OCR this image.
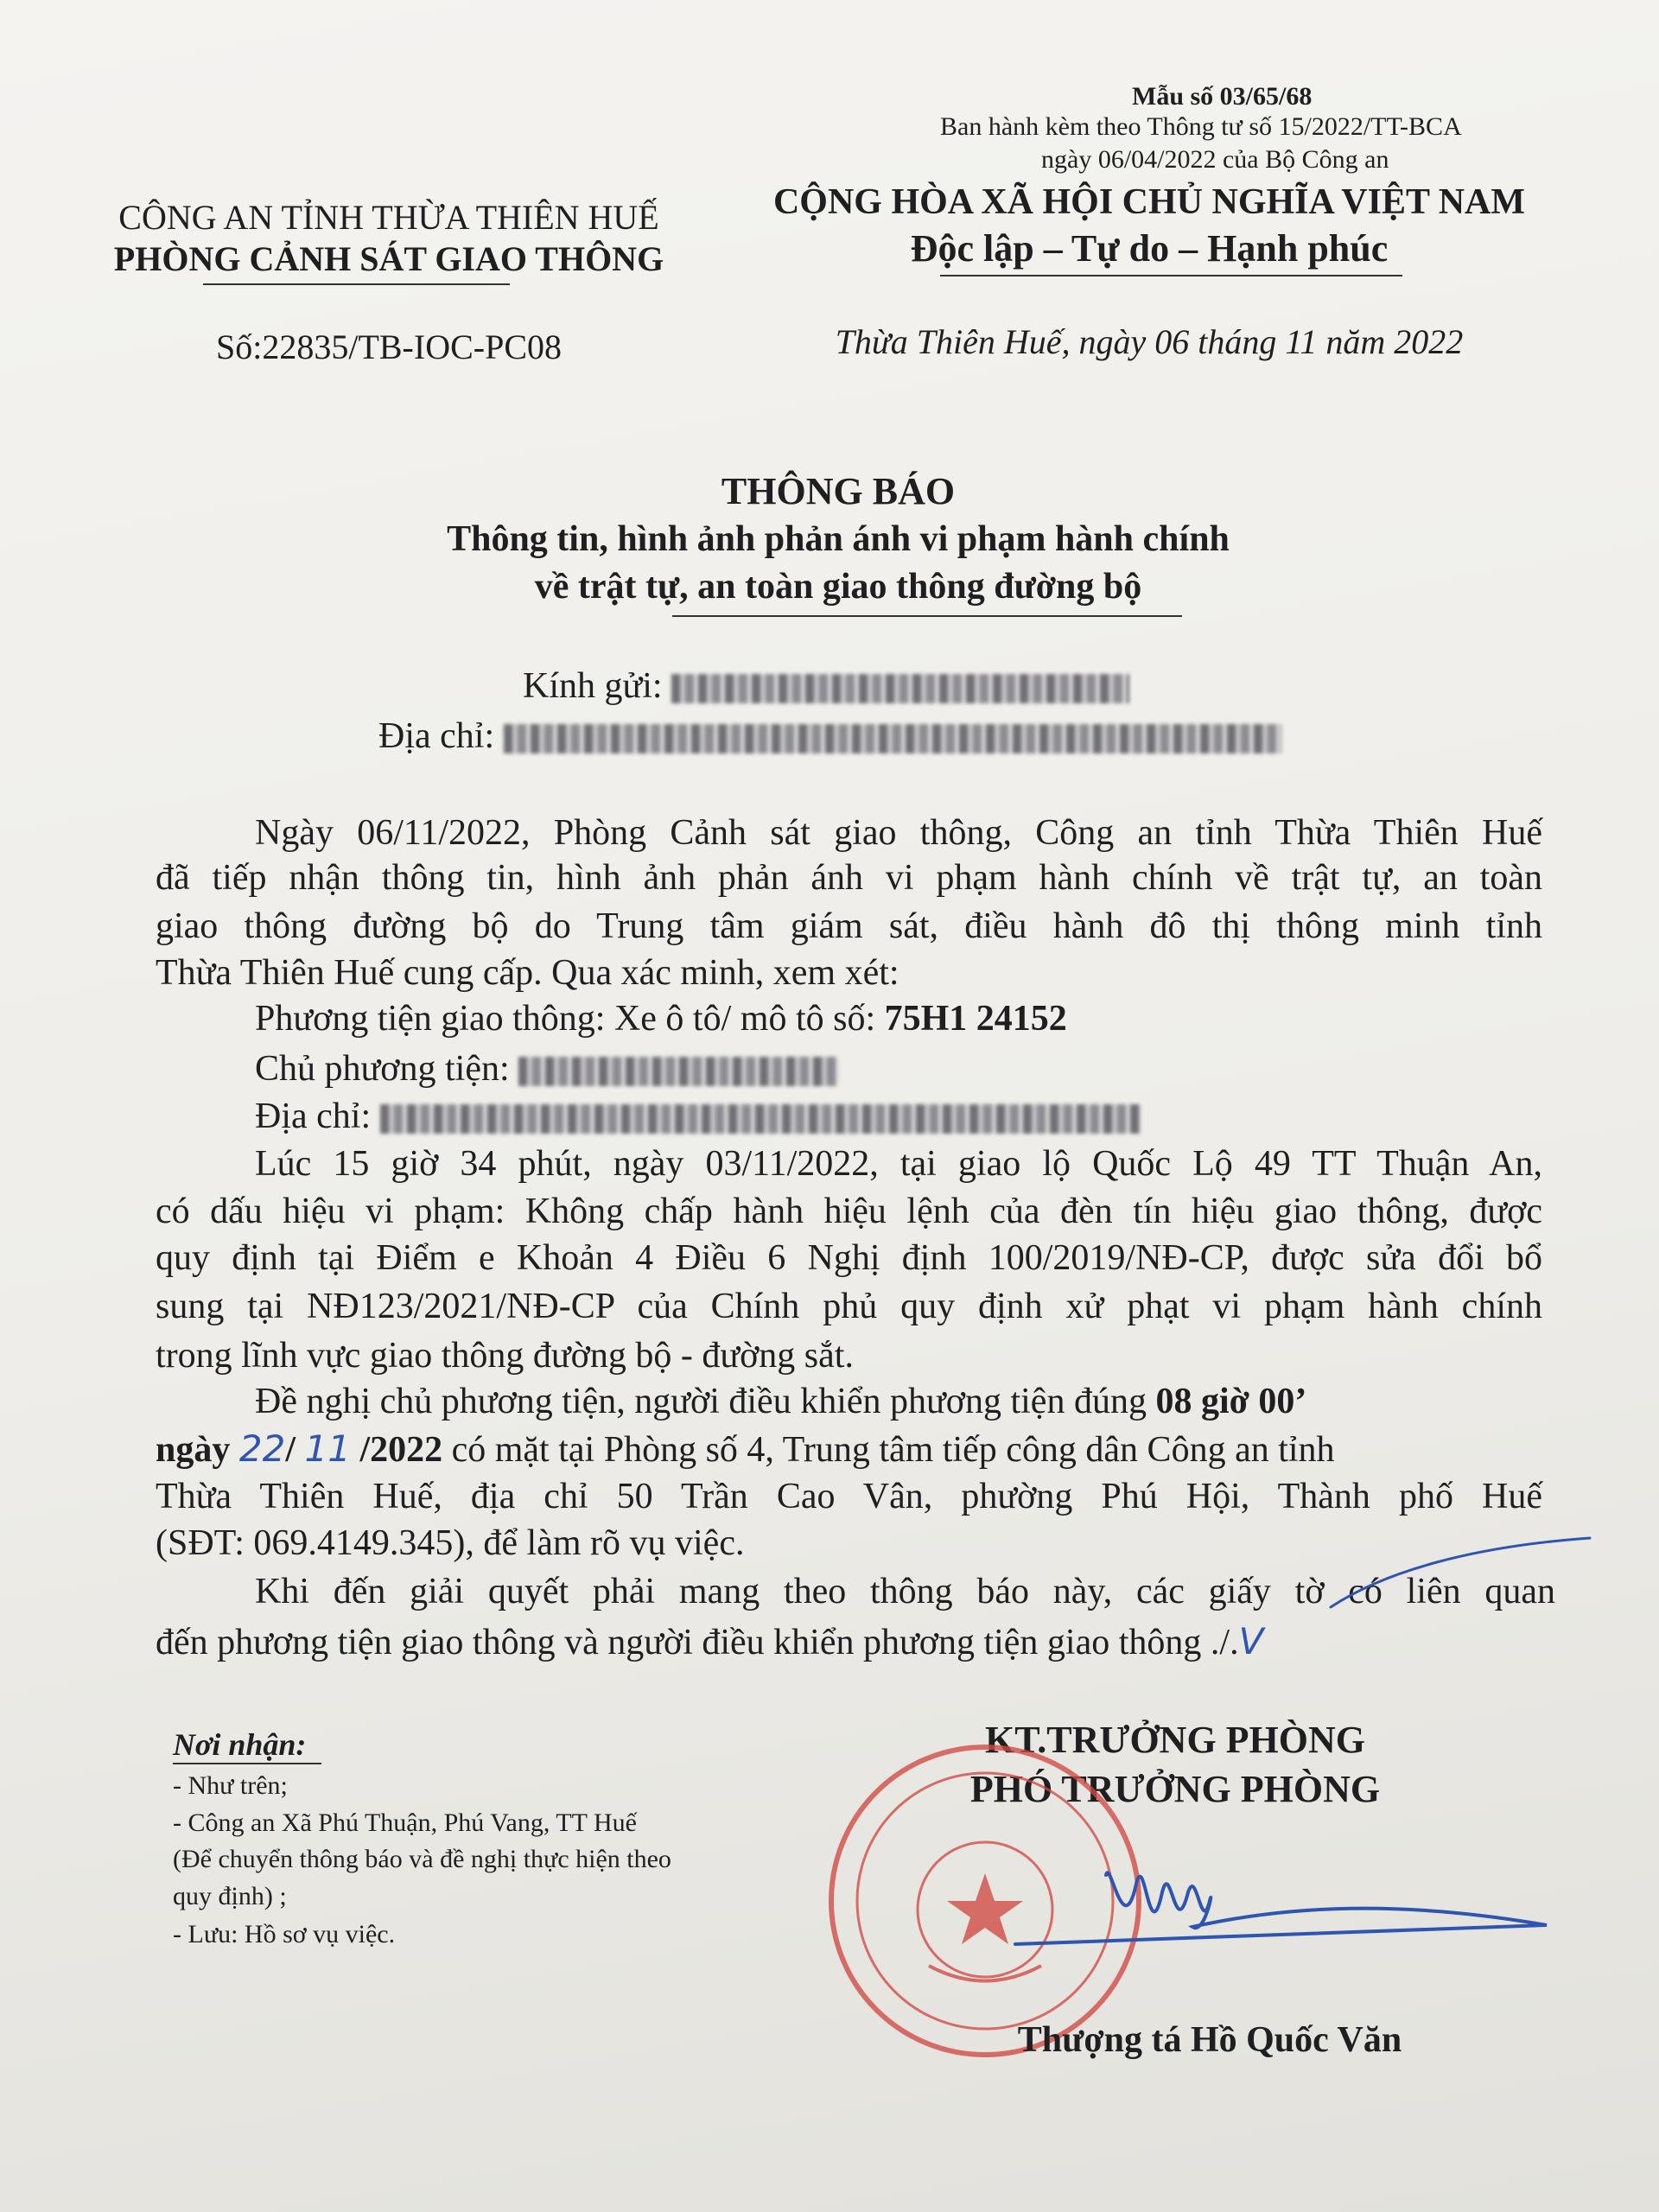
Mẫu số 03/65/68
Ban hành kèm theo Thông tư số 15/2022/TT-BCA
ngày 06/04/2022 của Bộ Công an
CÔNG AN TỈNH THỪA THIÊN HUẾ
PHÒNG CẢNH SÁT GIAO THÔNG
Số:22835/TB-IOC-PC08
CỘNG HÒA XÃ HỘI CHỦ NGHĨA VIỆT NAM
Độc lập – Tự do – Hạnh phúc
Thừa Thiên Huế, ngày 06 tháng 11 năm 2022
THÔNG BÁO
Thông tin, hình ảnh phản ánh vi phạm hành chính
về trật tự, an toàn giao thông đường bộ
Kính gửi:
Địa chỉ:
Ngày 06/11/2022, Phòng Cảnh sát giao thông, Công an tỉnh Thừa Thiên Huế
đã tiếp nhận thông tin, hình ảnh phản ánh vi phạm hành chính về trật tự, an toàn
giao thông đường bộ do Trung tâm giám sát, điều hành đô thị thông minh tỉnh
Thừa Thiên Huế cung cấp. Qua xác minh, xem xét:
Phương tiện giao thông: Xe ô tô/ mô tô số: 75H1 24152
Chủ phương tiện:
Địa chỉ:
Lúc 15 giờ 34 phút, ngày 03/11/2022, tại giao lộ Quốc Lộ 49 TT Thuận An,
có dấu hiệu vi phạm: Không chấp hành hiệu lệnh của đèn tín hiệu giao thông, được
quy định tại Điểm e Khoản 4 Điều 6 Nghị định 100/2019/NĐ-CP, được sửa đổi bổ
sung tại NĐ123/2021/NĐ-CP của Chính phủ quy định xử phạt vi phạm hành chính
trong lĩnh vực giao thông đường bộ - đường sắt.
Đề nghị chủ phương tiện, người điều khiển phương tiện đúng 08 giờ 00’
ngày 22/ 11 /2022 có mặt tại Phòng số 4, Trung tâm tiếp công dân Công an tỉnh
Thừa Thiên Huế, địa chỉ 50 Trần Cao Vân, phường Phú Hội, Thành phố Huế
(SĐT: 069.4149.345), để làm rõ vụ việc.
Khi đến giải quyết phải mang theo thông báo này, các giấy tờ có liên quan
đến phương tiện giao thông và người điều khiển phương tiện giao thông ./.V
Nơi nhận:
- Như trên;
- Công an Xã Phú Thuận, Phú Vang, TT Huế
(Để chuyển thông báo và đề nghị thực hiện theo
quy định) ;
- Lưu: Hồ sơ vụ việc.
KT.TRƯỞNG PHÒNG
PHÓ TRƯỞNG PHÒNG
Thượng tá Hồ Quốc Văn
